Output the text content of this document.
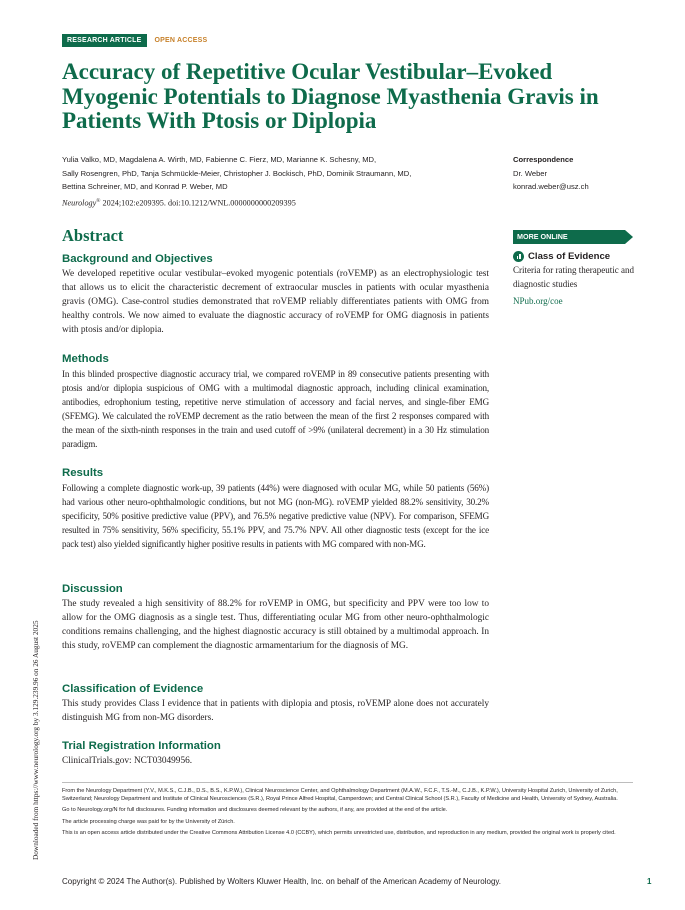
RESEARCH ARTICLE	OPEN ACCESS
Accuracy of Repetitive Ocular Vestibular–Evoked Myogenic Potentials to Diagnose Myasthenia Gravis in Patients With Ptosis or Diplopia
Yulia Valko, MD, Magdalena A. Wirth, MD, Fabienne C. Fierz, MD, Marianne K. Schesny, MD,
Sally Rosengren, PhD, Tanja Schmückle-Meier, Christopher J. Bockisch, PhD, Dominik Straumann, MD,
Bettina Schreiner, MD, and Konrad P. Weber, MD
Neurology® 2024;102:e209395. doi:10.1212/WNL.0000000000209395
Correspondence
Dr. Weber
konrad.weber@usz.ch
MORE ONLINE
Class of Evidence
Criteria for rating therapeutic and diagnostic studies
NPub.org/coe
Abstract
Background and Objectives

We developed repetitive ocular vestibular–evoked myogenic potentials (roVEMP) as an electrophysiologic test that allows us to elicit the characteristic decrement of extraocular muscles in patients with ocular myasthenia gravis (OMG). Case-control studies demonstrated that roVEMP reliably differentiates patients with OMG from healthy controls. We now aimed to evaluate the diagnostic accuracy of roVEMP for OMG diagnosis in patients with ptosis and/or diplopia.

Methods

In this blinded prospective diagnostic accuracy trial, we compared roVEMP in 89 consecutive patients presenting with ptosis and/or diplopia suspicious of OMG with a multimodal diagnostic approach, including clinical examination, antibodies, edrophonium testing, repetitive nerve stimulation of accessory and facial nerves, and single-fiber EMG (SFEMG). We calculated the roVEMP decrement as the ratio between the mean of the first 2 responses compared with the mean of the sixth-ninth responses in the train and used cutoff of >9% (unilateral decrement) in a 30 Hz stimulation paradigm.

Results

Following a complete diagnostic work-up, 39 patients (44%) were diagnosed with ocular MG, while 50 patients (56%) had various other neuro-ophthalmologic conditions, but not MG (non-MG). roVEMP yielded 88.2% sensitivity, 30.2% specificity, 50% positive predictive value (PPV), and 76.5% negative predictive value (NPV). For comparison, SFEMG resulted in 75% sensitivity, 56% specificity, 55.1% PPV, and 75.7% NPV. All other diagnostic tests (except for the ice pack test) also yielded significantly higher positive results in patients with MG compared with non-MG.

Discussion

The study revealed a high sensitivity of 88.2% for roVEMP in OMG, but specificity and PPV were too low to allow for the OMG diagnosis as a single test. Thus, differentiating ocular MG from other neuro-ophthalmologic conditions remains challenging, and the highest diagnostic accuracy is still obtained by a multimodal approach. In this study, roVEMP can complement the diagnostic armamentarium for the diagnosis of MG.

Classification of Evidence

This study provides Class I evidence that in patients with diplopia and ptosis, roVEMP alone does not accurately distinguish MG from non-MG disorders.

Trial Registration Information

ClinicalTrials.gov: NCT03049956.

From the Neurology Department (Y.V., M.K.S., C.J.B., D.S., B.S., K.P.W.), Clinical Neuroscience Center, and Ophthalmology Department (M.A.W., F.C.F., T.S.-M., C.J.B., K.P.W.), University Hospital Zurich, University of Zurich, Switzerland; Neurology Department and Institute of Clinical Neurosciences (S.R.), Royal Prince Alfred Hospital, Camperdown; and Central Clinical School (S.R.), Faculty of Medicine and Health, University of Sydney, Australia.

Go to Neurology.org/N for full disclosures. Funding information and disclosures deemed relevant by the authors, if any, are provided at the end of the article.

The article processing charge was paid for by the University of Zürich.

This is an open access article distributed under the Creative Commons Attribution License 4.0 (CCBY), which permits unrestricted use, distribution, and reproduction in any medium, provided the original work is properly cited.

Copyright © 2024 The Author(s). Published by Wolters Kluwer Health, Inc. on behalf of the American Academy of Neurology.	1
Downloaded from https://www.neurology.org by 3.129.239.96 on 26 August 2025
